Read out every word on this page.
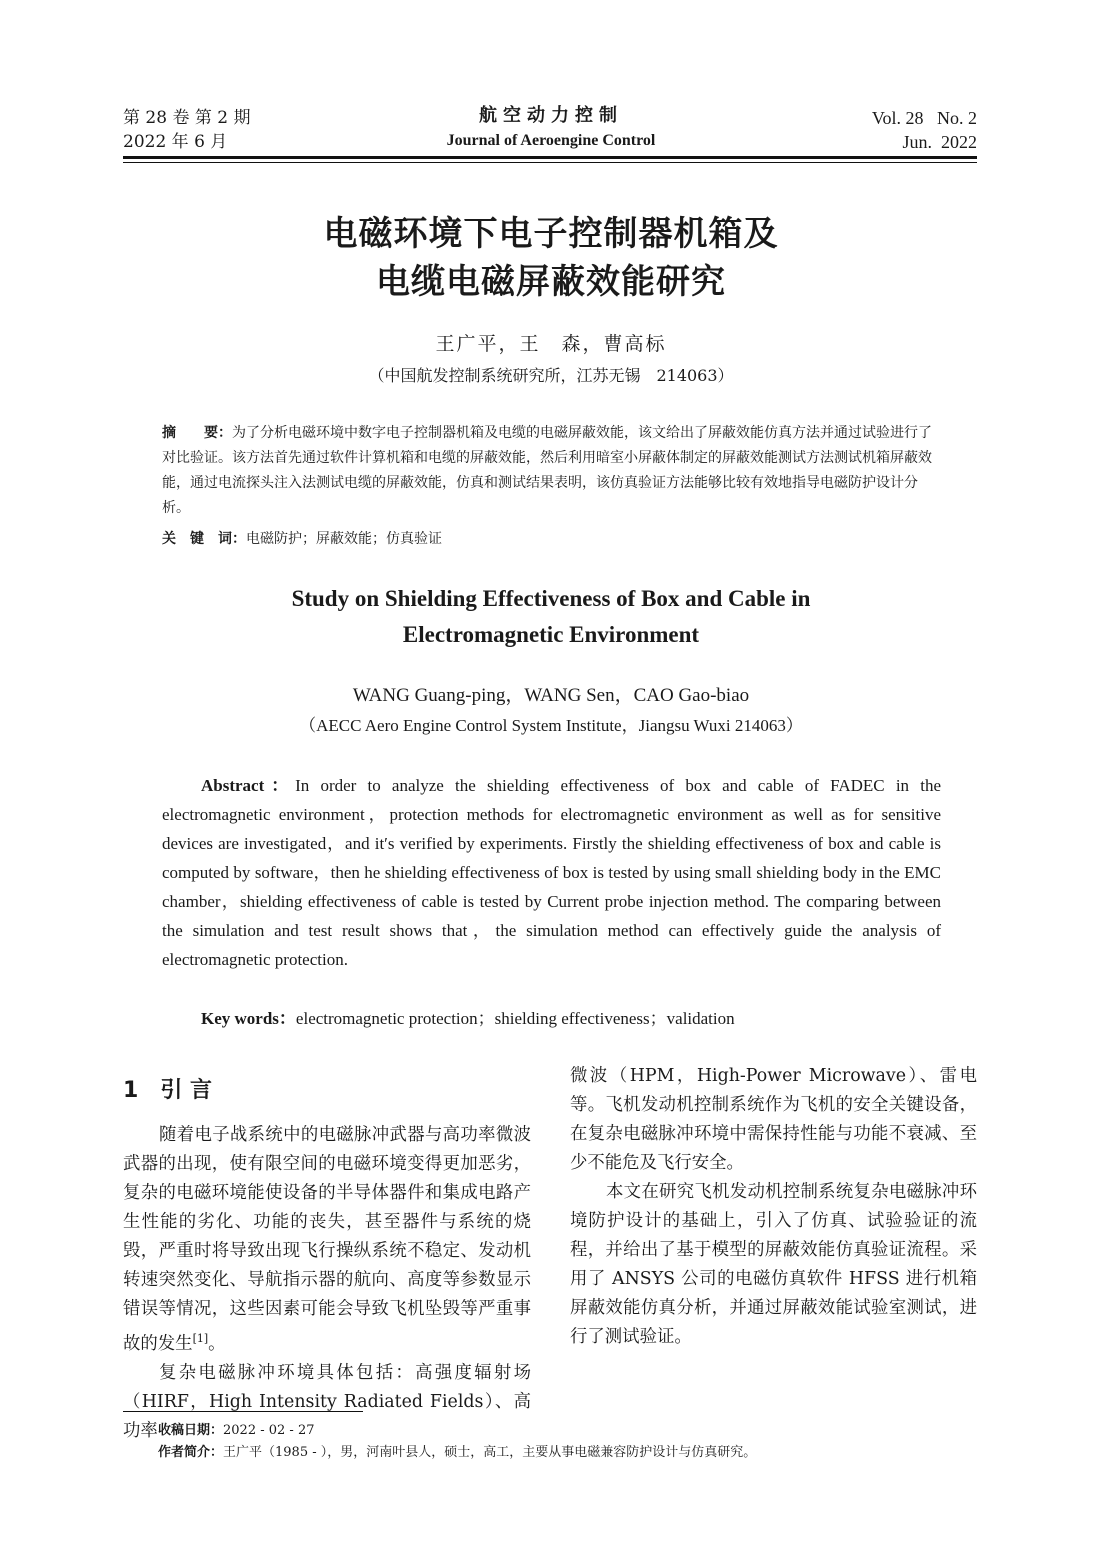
第 28 卷 第 2 期
2022 年 6 月
航空动力控制
Journal of Aeroengine Control
Vol. 28   No. 2
Jun.  2022
电磁环境下电子控制器机箱及
电缆电磁屏蔽效能研究
王广平，王　森，曹高标
（中国航发控制系统研究所，江苏无锡　214063）
摘　　要：为了分析电磁环境中数字电子控制器机箱及电缆的电磁屏蔽效能，该文给出了屏蔽效能仿真方法并通过试验进行了对比验证。该方法首先通过软件计算机箱和电缆的屏蔽效能，然后利用暗室小屏蔽体制定的屏蔽效能测试方法测试机箱屏蔽效能，通过电流探头注入法测试电缆的屏蔽效能，仿真和测试结果表明，该仿真验证方法能够比较有效地指导电磁防护设计分析。
关　键　词：电磁防护；屏蔽效能；仿真验证
Study on Shielding Effectiveness of Box and Cable in
Electromagnetic Environment
WANG Guang-ping，WANG Sen，CAO Gao-biao
（AECC Aero Engine Control System Institute，Jiangsu Wuxi 214063）
Abstract：In order to analyze the shielding effectiveness of box and cable of FADEC in the electromagnetic environment，protection methods for electromagnetic environment as well as for sensitive devices are investigated，and it′s verified by experiments. Firstly the shielding effectiveness of box and cable is computed by software，then he shielding effectiveness of box is tested by using small shielding body in the EMC chamber，shielding effectiveness of cable is tested by Current probe injection method. The comparing between the simulation and test result shows that，the simulation method can effectively guide the analysis of electromagnetic protection.
Key words：electromagnetic protection；shielding effectiveness；validation
1 引 言

随着电子战系统中的电磁脉冲武器与高功率微波武器的出现，使有限空间的电磁环境变得更加恶劣，复杂的电磁环境能使设备的半导体器件和集成电路产生性能的劣化、功能的丧失，甚至器件与系统的烧毁，严重时将导致出现飞行操纵系统不稳定、发动机转速突然变化、导航指示器的航向、高度等参数显示错误等情况，这些因素可能会导致飞机坠毁等严重事故的发生[1]。

复杂电磁脉冲环境具体包括：高强度辐射场（HIRF，High Intensity Radiated Fields）、高功率

微波（HPM，High-Power Microwave）、雷电等。飞机发动机控制系统作为飞机的安全关键设备，在复杂电磁脉冲环境中需保持性能与功能不衰减、至少不能危及飞行安全。

本文在研究飞机发动机控制系统复杂电磁脉冲环境防护设计的基础上，引入了仿真、试验验证的流程，并给出了基于模型的屏蔽效能仿真验证流程。采用了 ANSYS 公司的电磁仿真软件 HFSS 进行机箱屏蔽效能仿真分析，并通过屏蔽效能试验室测试，进行了测试验证。

收稿日期：2022 - 02 - 27
作者简介：王广平（1985 - ），男，河南叶县人，硕士，高工，主要从事电磁兼容防护设计与仿真研究。
